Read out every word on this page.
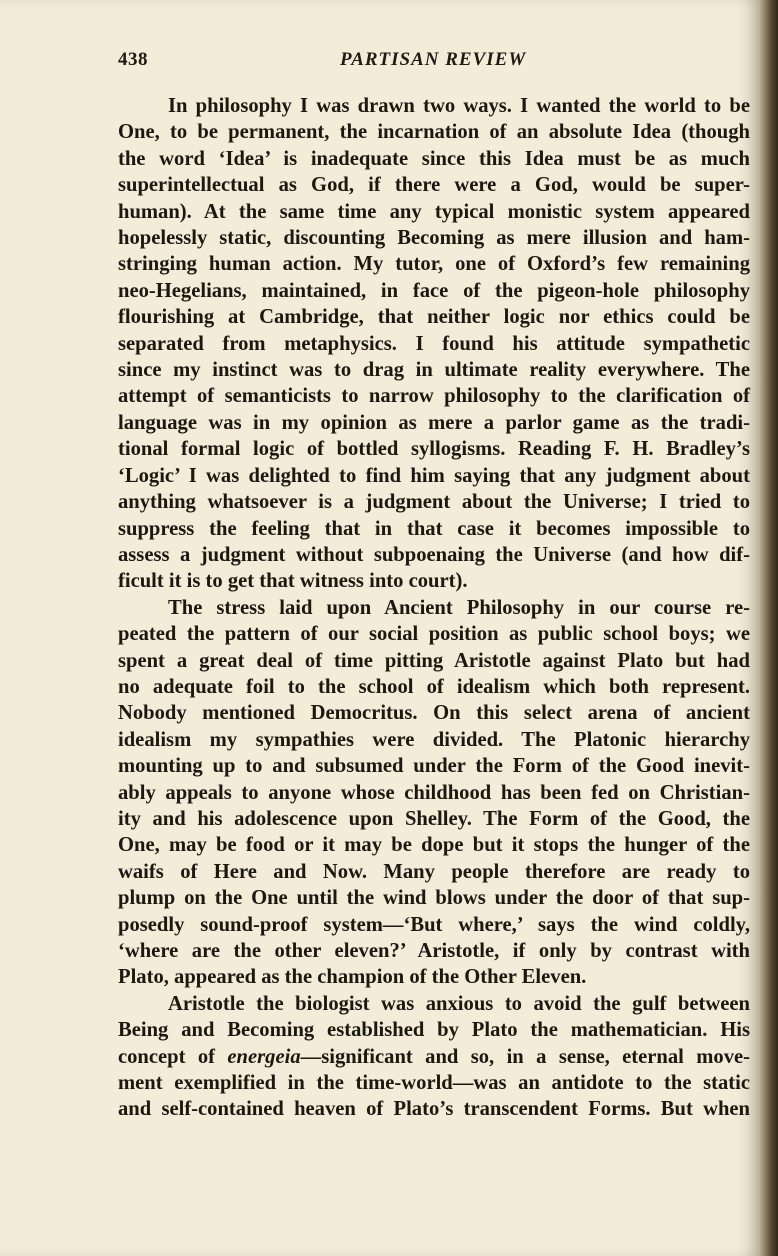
438	PARTISAN REVIEW

In philosophy I was drawn two ways. I wanted the world to be
One, to be permanent, the incarnation of an absolute Idea (though
the word ‘Idea’ is inadequate since this Idea must be as much
superintellectual as God, if there were a God, would be super-
human). At the same time any typical monistic system appeared
hopelessly static, discounting Becoming as mere illusion and ham-
stringing human action. My tutor, one of Oxford’s few remaining
neo-Hegelians, maintained, in face of the pigeon-hole philosophy
flourishing at Cambridge, that neither logic nor ethics could be
separated from metaphysics. I found his attitude sympathetic
since my instinct was to drag in ultimate reality everywhere. The
attempt of semanticists to narrow philosophy to the clarification of
language was in my opinion as mere a parlor game as the tradi-
tional formal logic of bottled syllogisms. Reading F. H. Bradley’s
‘Logic’ I was delighted to find him saying that any judgment about
anything whatsoever is a judgment about the Universe; I tried to
suppress the feeling that in that case it becomes impossible to
assess a judgment without subpoenaing the Universe (and how dif-
ficult it is to get that witness into court).

The stress laid upon Ancient Philosophy in our course re-
peated the pattern of our social position as public school boys; we
spent a great deal of time pitting Aristotle against Plato but had
no adequate foil to the school of idealism which both represent.
Nobody mentioned Democritus. On this select arena of ancient
idealism my sympathies were divided. The Platonic hierarchy
mounting up to and subsumed under the Form of the Good inevit-
ably appeals to anyone whose childhood has been fed on Christian-
ity and his adolescence upon Shelley. The Form of the Good, the
One, may be food or it may be dope but it stops the hunger of the
waifs of Here and Now. Many people therefore are ready to
plump on the One until the wind blows under the door of that sup-
posedly sound-proof system—‘But where,’ says the wind coldly,
‘where are the other eleven?’ Aristotle, if only by contrast with
Plato, appeared as the champion of the Other Eleven.

Aristotle the biologist was anxious to avoid the gulf between
Being and Becoming established by Plato the mathematician. His
concept of energeia—significant and so, in a sense, eternal move-
ment exemplified in the time-world—was an antidote to the static
and self-contained heaven of Plato’s transcendent Forms. But when
